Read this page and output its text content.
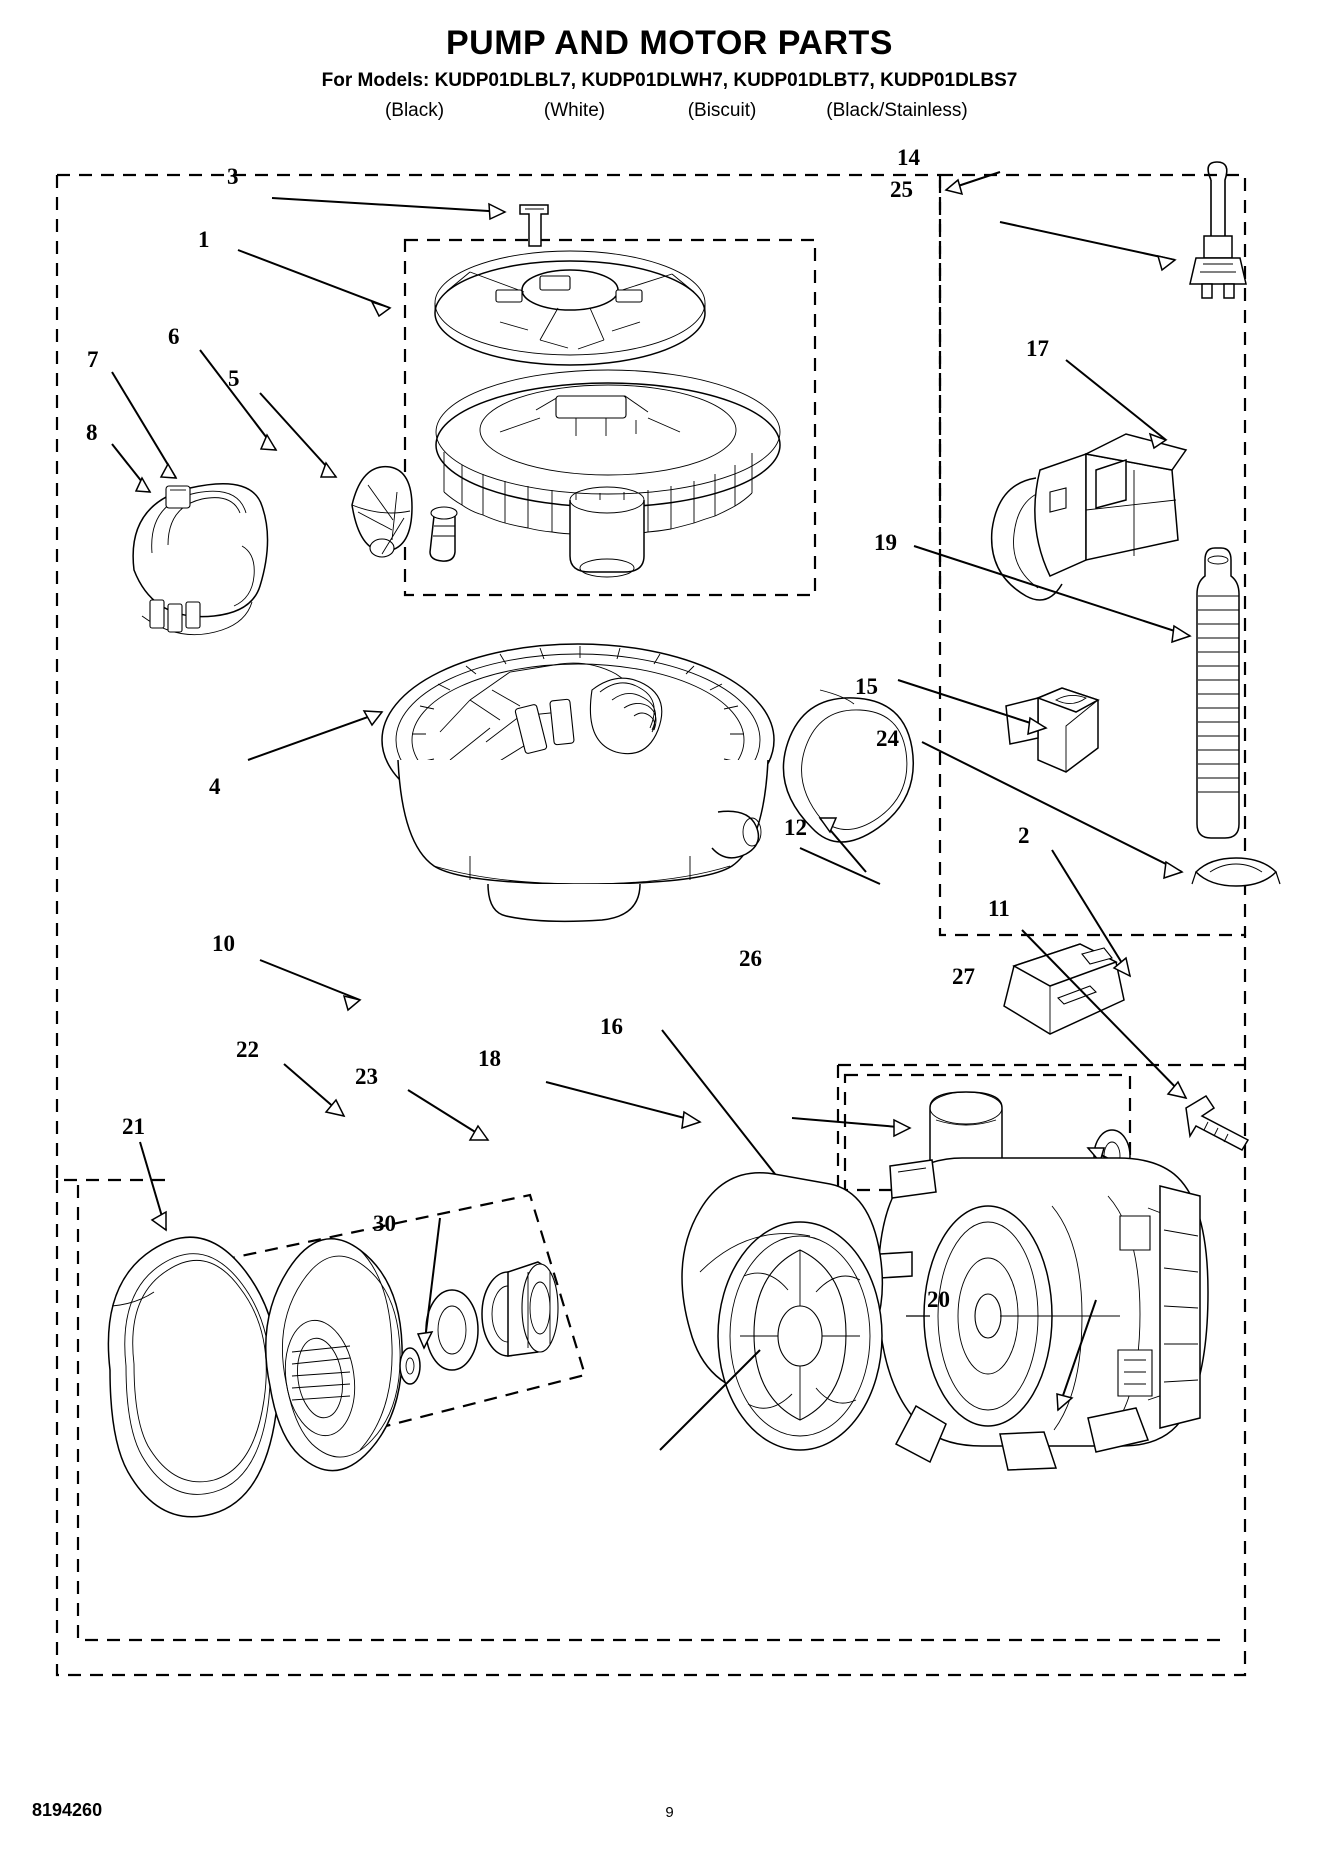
PUMP AND MOTOR PARTS
For Models: KUDP01DLBL7, KUDP01DLWH7, KUDP01DLBT7, KUDP01DLBS7
(Black)	(White)	(Biscuit)	(Black/Stainless)
1
2
3
4
5
6
7
8
10
11
12
14
15
16
17
18
19
20
21
22
23
24
25
26
27
30
8194260	9
